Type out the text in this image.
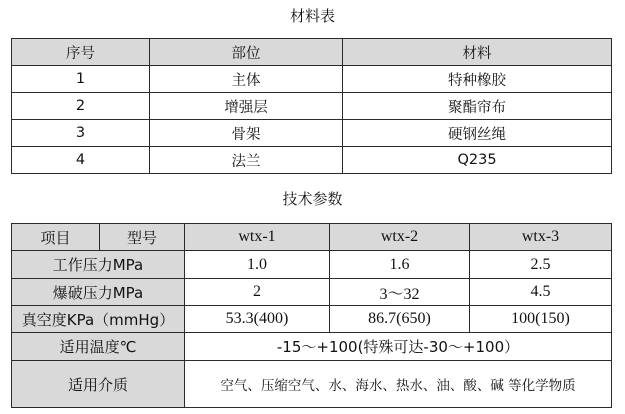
材料表
序号	部位	材料
1	主体	特种橡胶
2	增强层	聚酯帘布
3	骨架	硬钢丝绳
4	法兰	Q235
技术参数
项目	型号	wtx-1	wtx-2	wtx-3
工作压力MPa		1.0	1.6	2.5
爆破压力MPa		2	3～32	4.5
真空度KPa（mmHg）		53.3(400)	86.7(650)	100(150)
适用温度℃		-15～+100(特殊可达-30～+100）		
适用介质		空气、压缩空气、水、海水、热水、油、酸、碱 等化学物质		
